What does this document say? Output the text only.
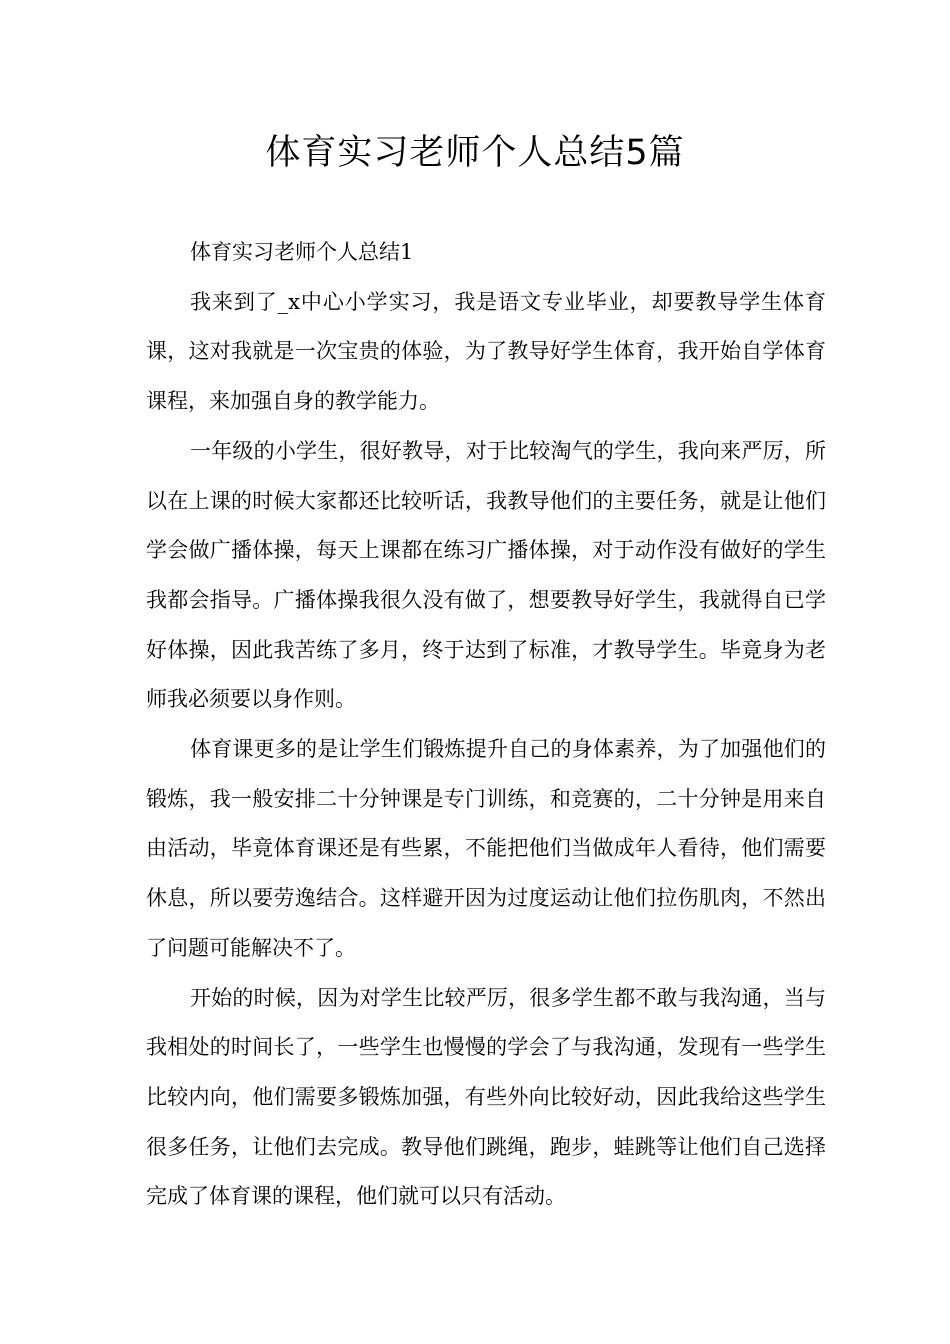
体育实习老师个人总结5篇
体育实习老师个人总结1

我来到了_x中心小学实习，我是语文专业毕业，却要教导学生体育课，这对我就是一次宝贵的体验，为了教导好学生体育，我开始自学体育课程，来加强自身的教学能力。

一年级的小学生，很好教导，对于比较淘气的学生，我向来严厉，所以在上课的时候大家都还比较听话，我教导他们的主要任务，就是让他们学会做广播体操，每天上课都在练习广播体操，对于动作没有做好的学生我都会指导。广播体操我很久没有做了，想要教导好学生，我就得自已学好体操，因此我苦练了多月，终于达到了标准，才教导学生。毕竟身为老师我必须要以身作则。

体育课更多的是让学生们锻炼提升自己的身体素养，为了加强他们的锻炼，我一般安排二十分钟课是专门训练，和竞赛的，二十分钟是用来自由活动，毕竟体育课还是有些累，不能把他们当做成年人看待，他们需要休息，所以要劳逸结合。这样避开因为过度运动让他们拉伤肌肉，不然出了问题可能解决不了。

开始的时候，因为对学生比较严厉，很多学生都不敢与我沟通，当与我相处的时间长了，一些学生也慢慢的学会了与我沟通，发现有一些学生比较内向，他们需要多锻炼加强，有些外向比较好动，因此我给这些学生很多任务，让他们去完成。教导他们跳绳，跑步，蛙跳等让他们自己选择完成了体育课的课程，他们就可以只有活动。
